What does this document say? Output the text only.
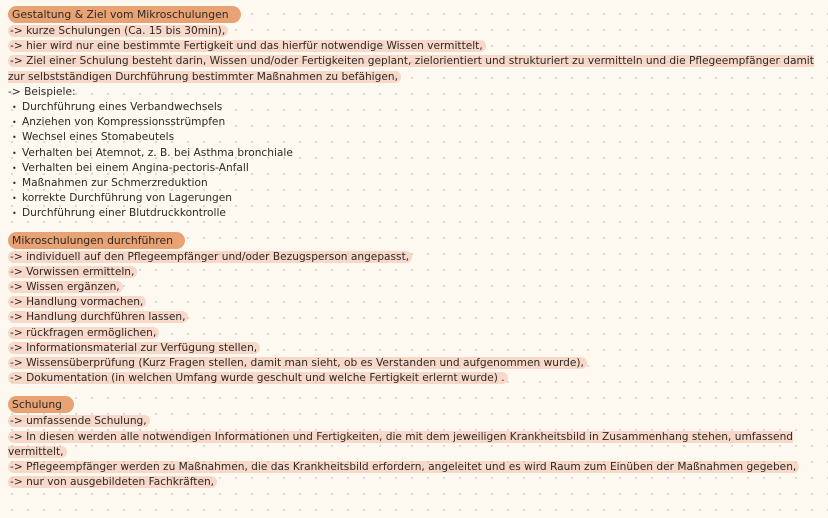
Gestaltung & Ziel vom Mikroschulungen
-> kurze Schulungen (Ca. 15 bis 30min),
-> hier wird nur eine bestimmte Fertigkeit und das hierfür notwendige Wissen vermittelt,
-> Ziel einer Schulung besteht darin, Wissen und/oder Fertigkeiten geplant, zielorientiert und strukturiert zu vermitteln und die Pflegeempfänger damit zur selbstständigen Durchführung bestimmter Maßnahmen zu befähigen,
-> Beispiele:
• Durchführung eines Verbandwechsels
• Anziehen von Kompressionsstrümpfen
• Wechsel eines Stomabeutels
• Verhalten bei Atemnot, z. B. bei Asthma bronchiale
• Verhalten bei einem Angina-pectoris-Anfall
• Maßnahmen zur Schmerzreduktion
• korrekte Durchführung von Lagerungen
• Durchführung einer Blutdruckkontrolle
Mikroschulungen durchführen
-> individuell auf den Pflegeempfänger und/oder Bezugsperson angepasst,
-> Vorwissen ermitteln,
-> Wissen ergänzen,
-> Handlung vormachen,
-> Handlung durchführen lassen,
-> rückfragen ermöglichen,
-> Informationsmaterial zur Verfügung stellen,
-> Wissensüberprüfung (Kurz Fragen stellen, damit man sieht, ob es Verstanden und aufgenommen wurde),
-> Dokumentation (in welchen Umfang wurde geschult und welche Fertigkeit erlernt wurde) .
Schulung
-> umfassende Schulung,
-> In diesen werden alle notwendigen Informationen und Fertigkeiten, die mit dem jeweiligen Krankheitsbild in Zusammenhang stehen, umfassend vermittelt,
-> Pflegeempfänger werden zu Maßnahmen, die das Krankheitsbild erfordern, angeleitet und es wird Raum zum Einüben der Maßnahmen gegeben,
-> nur von ausgebildeten Fachkräften,
